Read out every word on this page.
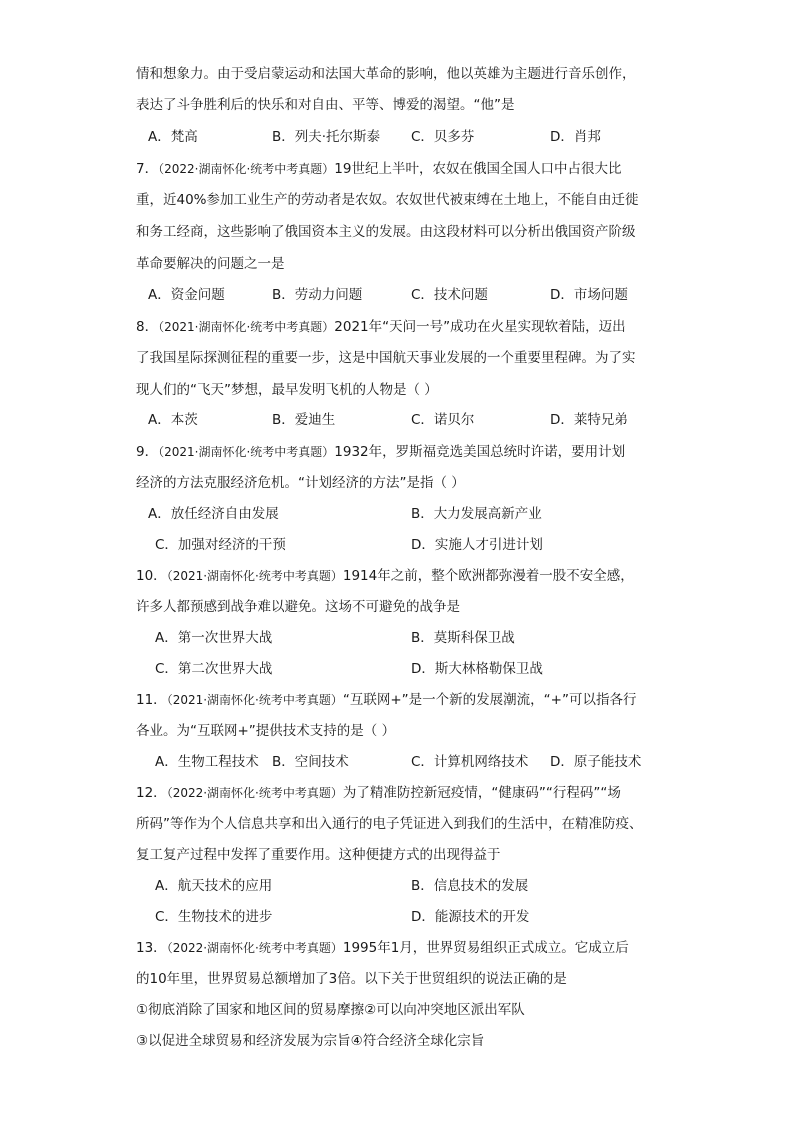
情和想象力。由于受启蒙运动和法国大革命的影响，他以英雄为主题进行音乐创作，
表达了斗争胜利后的快乐和对自由、平等、博爱的渴望。“他”是
A．梵高	B．列夫·托尔斯泰 C．贝多芬	D．肖邦
7．（2022·湖南怀化·统考中考真题）19世纪上半叶，农奴在俄国全国人口中占很大比
重，近40%参加工业生产的劳动者是农奴。农奴世代被束缚在土地上，不能自由迁徙
和务工经商，这些影响了俄国资本主义的发展。由这段材料可以分析出俄国资产阶级
革命要解决的问题之一是
A．资金问题	B．劳动力问题	C．技术问题	D．市场问题
8．（2021·湖南怀化·统考中考真题）2021年“天问一号”成功在火星实现软着陆，迈出
了我国星际探测征程的重要一步，这是中国航天事业发展的一个重要里程碑。为了实
现人们的“飞天”梦想，最早发明飞机的人物是（ ）
A．本茨	B．爱迪生	C．诺贝尔	D．莱特兄弟
9．（2021·湖南怀化·统考中考真题）1932年，罗斯福竞选美国总统时许诺，要用计划
经济的方法克服经济危机。“计划经济的方法”是指（ ）
A．放任经济自由发展	B．大力发展高新产业
C．加强对经济的干预	D．实施人才引进计划
10．（2021·湖南怀化·统考中考真题）1914年之前，整个欧洲都弥漫着一股不安全感，
许多人都预感到战争难以避免。这场不可避免的战争是
A．第一次世界大战	B．莫斯科保卫战
C．第二次世界大战	D．斯大林格勒保卫战
11．（2021·湖南怀化·统考中考真题）“互联网+”是一个新的发展潮流，“+”可以指各行
各业。为“互联网+”提供技术支持的是（ ）
A．生物工程技术 B．空间技术	C．计算机网络技术 D．原子能技术
12．（2022·湖南怀化·统考中考真题）为了精准防控新冠疫情，“健康码”“行程码”“场
所码”等作为个人信息共享和出入通行的电子凭证进入到我们的生活中，在精准防疫、
复工复产过程中发挥了重要作用。这种便捷方式的出现得益于
A．航天技术的应用	B．信息技术的发展
C．生物技术的进步	D．能源技术的开发
13．（2022·湖南怀化·统考中考真题）1995年1月，世界贸易组织正式成立。它成立后
的10年里，世界贸易总额增加了3倍。以下关于世贸组织的说法正确的是
①彻底消除了国家和地区间的贸易摩擦②可以向冲突地区派出军队
③以促进全球贸易和经济发展为宗旨④符合经济全球化宗旨
